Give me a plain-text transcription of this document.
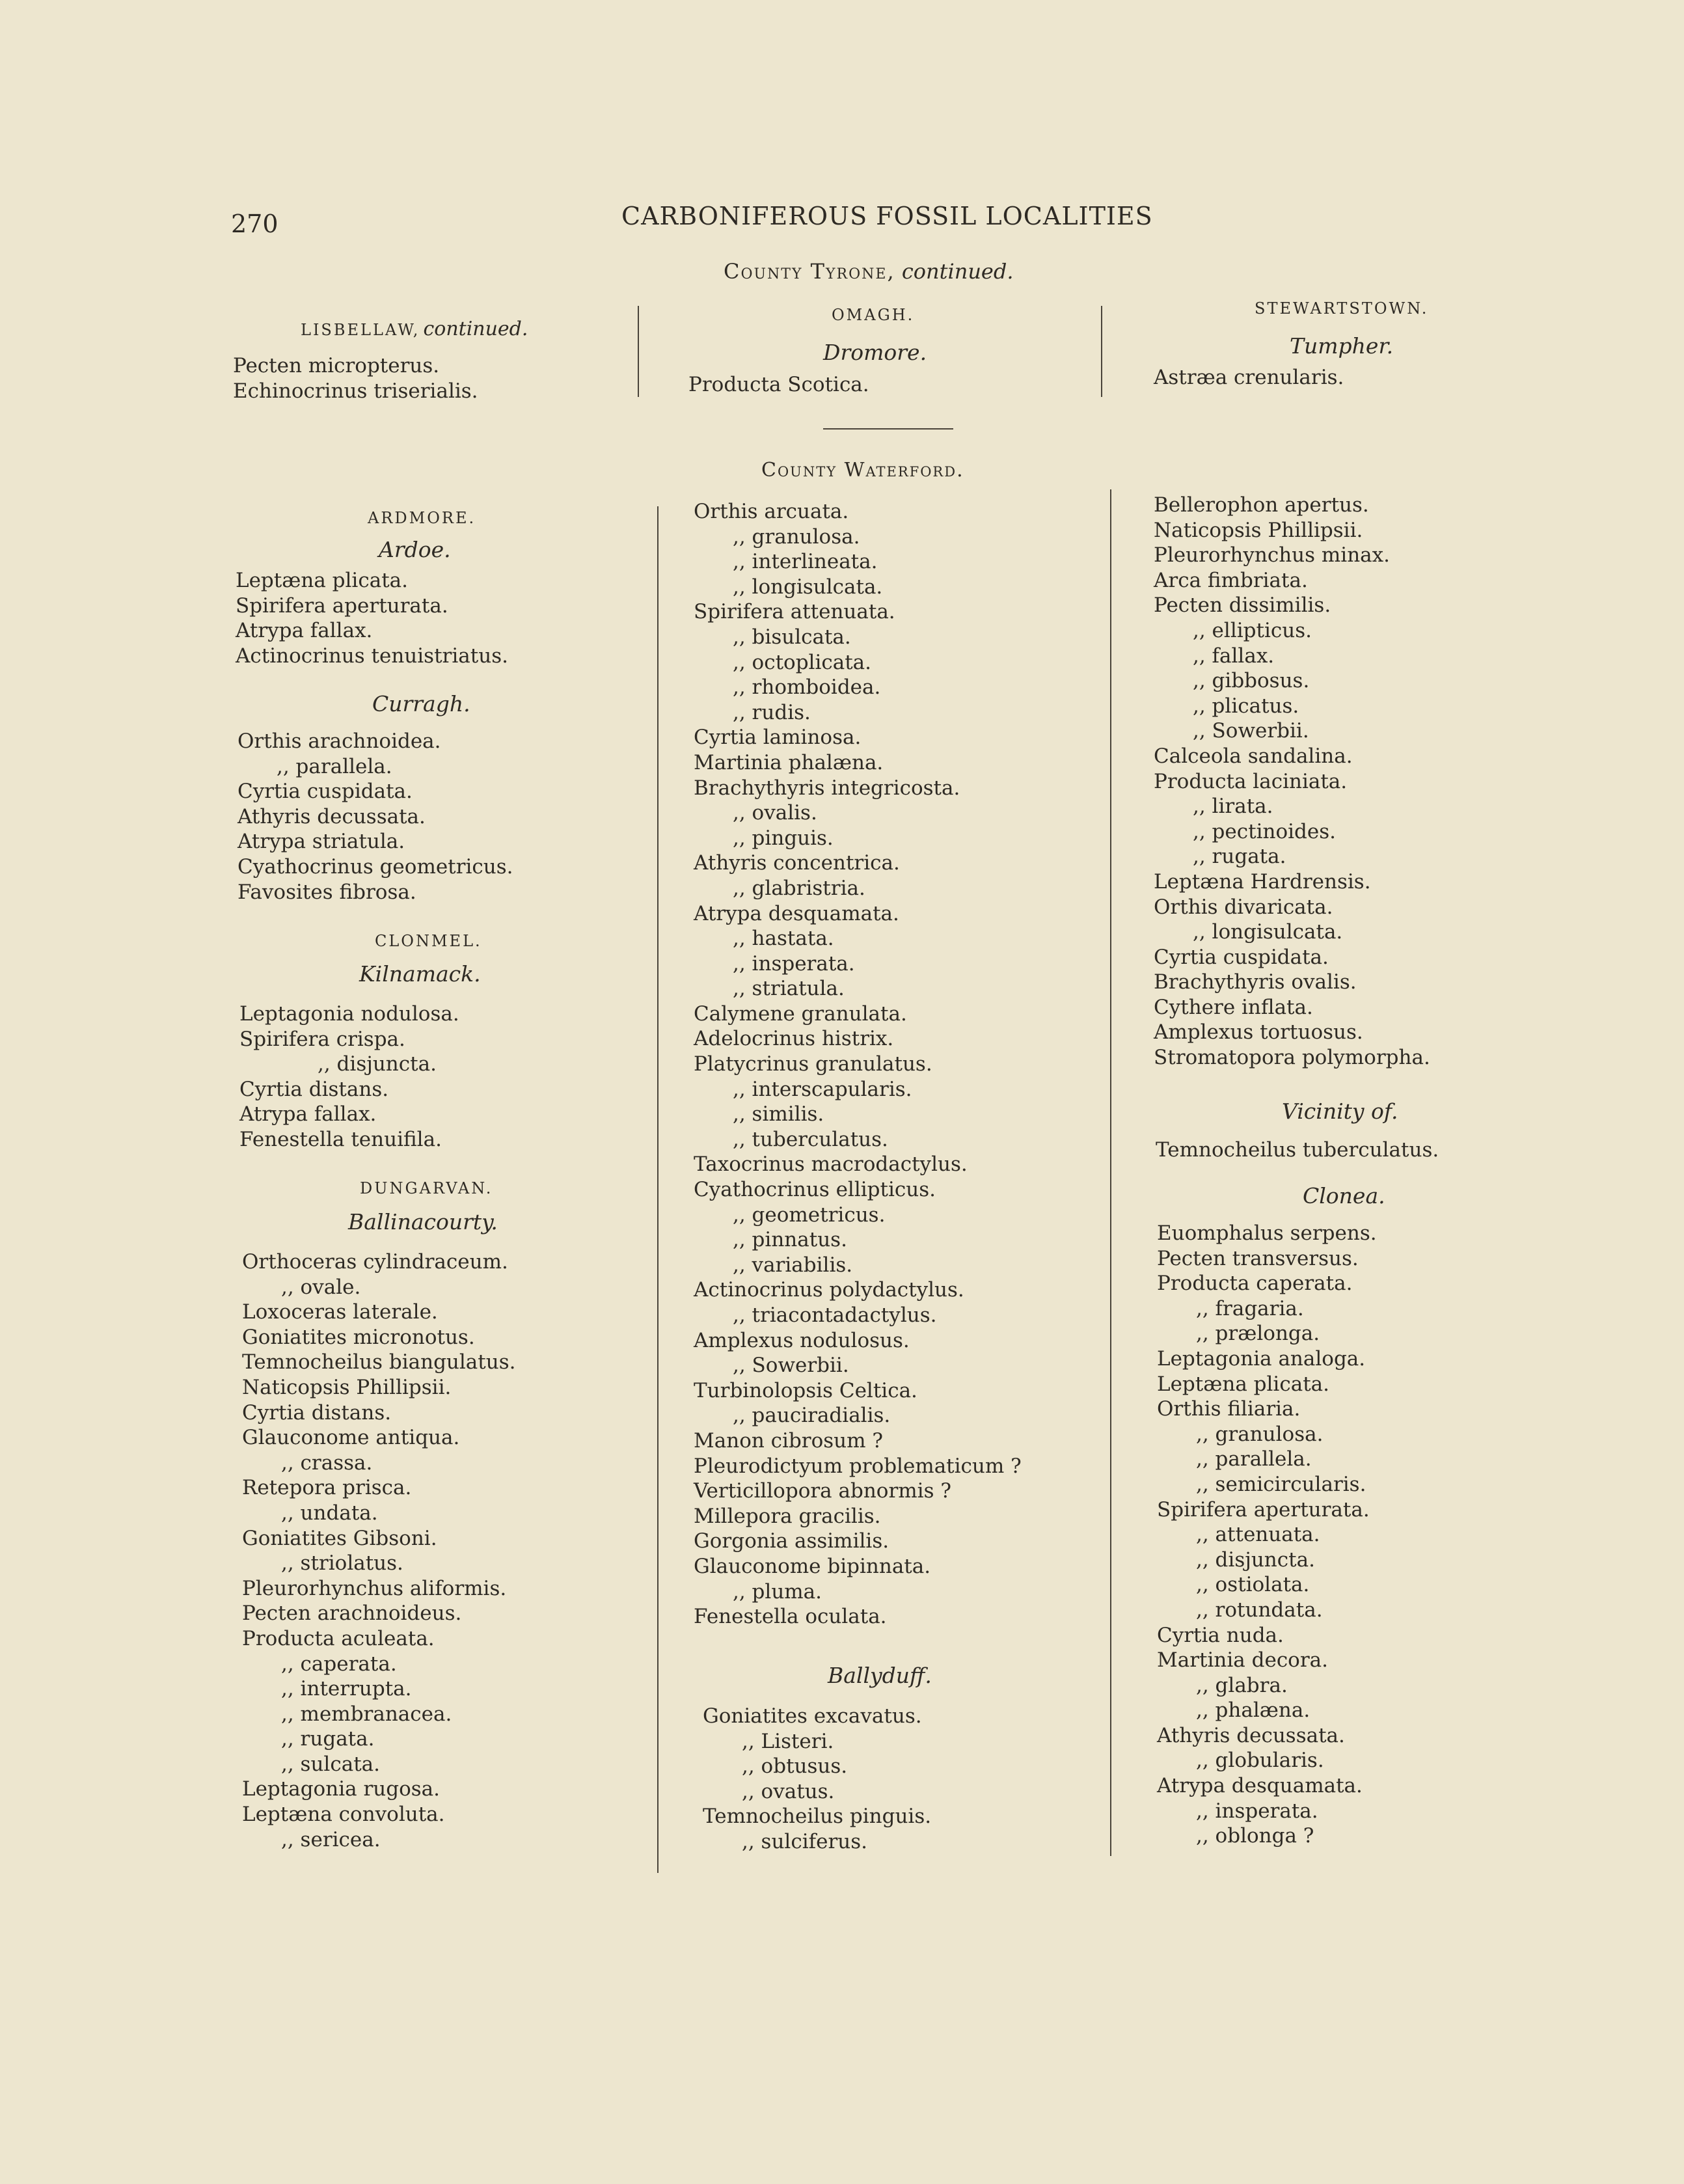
270	CARBONIFEROUS FOSSIL LOCALITIES
County Tyrone, continued.
LISBELLAW, continued.
Pecten micropterus.
Echinocrinus triserialis.
OMAGH.
Dromore.
Producta Scotica.
STEWARTSTOWN.
Tumpher.
Astræa crenularis.
County Waterford.
ARDMORE.
Ardoe.
Leptæna plicata.
Spirifera aperturata.
Atrypa fallax.
Actinocrinus tenuistriatus.
Curragh.
Orthis arachnoidea.
,, parallela.
Cyrtia cuspidata.
Athyris decussata.
Atrypa striatula.
Cyathocrinus geometricus.
Favosites fibrosa.
CLONMEL.
Kilnamack.
Leptagonia nodulosa.
Spirifera crispa.
,, disjuncta.
Cyrtia distans.
Atrypa fallax.
Fenestella tenuifila.
DUNGARVAN.
Ballinacourty.
Orthoceras cylindraceum.
,, ovale.
Loxoceras laterale.
Goniatites micronotus.
Temnocheilus biangulatus.
Naticopsis Phillipsii.
Cyrtia distans.
Glauconome antiqua.
,, crassa.
Retepora prisca.
,, undata.
Goniatites Gibsoni.
,, striolatus.
Pleurorhynchus aliformis.
Pecten arachnoideus.
Producta aculeata.
,, caperata.
,, interrupta.
,, membranacea.
,, rugata.
,, sulcata.
Leptagonia rugosa.
Leptæna convoluta.
,, sericea.
Orthis arcuata.
,, granulosa.
,, interlineata.
,, longisulcata.
Spirifera attenuata.
,, bisulcata.
,, octoplicata.
,, rhomboidea.
,, rudis.
Cyrtia laminosa.
Martinia phalæna.
Brachythyris integricosta.
,, ovalis.
,, pinguis.
Athyris concentrica.
,, glabristria.
Atrypa desquamata.
,, hastata.
,, insperata.
,, striatula.
Calymene granulata.
Adelocrinus histrix.
Platycrinus granulatus.
,, interscapularis.
,, similis.
,, tuberculatus.
Taxocrinus macrodactylus.
Cyathocrinus ellipticus.
,, geometricus.
,, pinnatus.
,, variabilis.
Actinocrinus polydactylus.
,, triacontadactylus.
Amplexus nodulosus.
,, Sowerbii.
Turbinolopsis Celtica.
,, pauciradialis.
Manon cibrosum ?
Pleurodictyum problematicum ?
Verticillopora abnormis ?
Millepora gracilis.
Gorgonia assimilis.
Glauconome bipinnata.
,, pluma.
Fenestella oculata.
Ballyduff.
Goniatites excavatus.
,, Listeri.
,, obtusus.
,, ovatus.
Temnocheilus pinguis.
,, sulciferus.
Bellerophon apertus.
Naticopsis Phillipsii.
Pleurorhynchus minax.
Arca fimbriata.
Pecten dissimilis.
,, ellipticus.
,, fallax.
,, gibbosus.
,, plicatus.
,, Sowerbii.
Calceola sandalina.
Producta laciniata.
,, lirata.
,, pectinoides.
,, rugata.
Leptæna Hardrensis.
Orthis divaricata.
,, longisulcata.
Cyrtia cuspidata.
Brachythyris ovalis.
Cythere inflata.
Amplexus tortuosus.
Stromatopora polymorpha.
Vicinity of.
Temnocheilus tuberculatus.
Clonea.
Euomphalus serpens.
Pecten transversus.
Producta caperata.
,, fragaria.
,, prælonga.
Leptagonia analoga.
Leptæna plicata.
Orthis filiaria.
,, granulosa.
,, parallela.
,, semicircularis.
Spirifera aperturata.
,, attenuata.
,, disjuncta.
,, ostiolata.
,, rotundata.
Cyrtia nuda.
Martinia decora.
,, glabra.
,, phalæna.
Athyris decussata.
,, globularis.
Atrypa desquamata.
,, insperata.
,, oblonga ?
